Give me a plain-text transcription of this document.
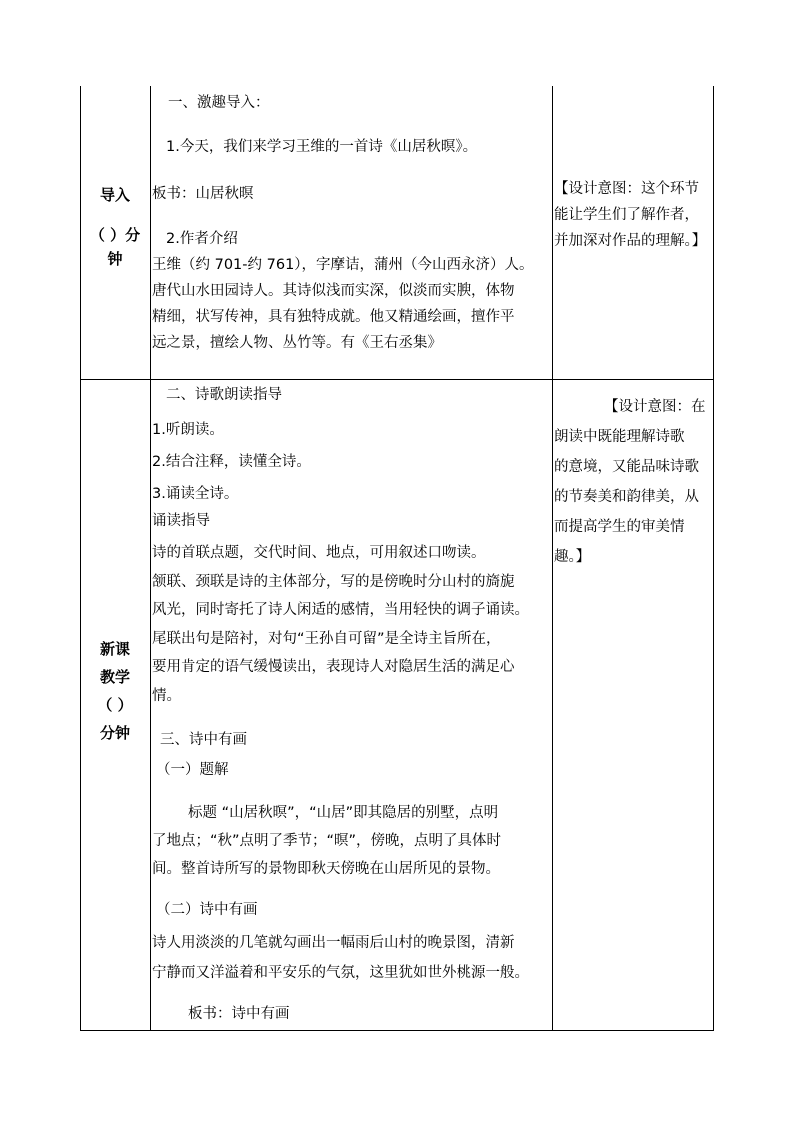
导入
（ ）分
钟
一、激趣导入：
1.今天，我们来学习王维的一首诗《山居秋暝》。
板书：山居秋暝
2.作者介绍
王维（约 701-约 761），字摩诘，蒲州（今山西永济）人。
唐代山水田园诗人。其诗似浅而实深，似淡而实腴，体物
精细，状写传神，具有独特成就。他又精通绘画，擅作平
远之景，擅绘人物、丛竹等。有《王右丞集》
【设计意图：这个环节
能让学生们了解作者，
并加深对作品的理解。】
新课
教学
（ ）
分钟
二、诗歌朗读指导
1.听朗读。
2.结合注释，读懂全诗。
3.诵读全诗。
诵读指导
诗的首联点题，交代时间、地点，可用叙述口吻读。
颔联、颈联是诗的主体部分，写的是傍晚时分山村的旖旎
风光，同时寄托了诗人闲适的感情，当用轻快的调子诵读。
尾联出句是陪衬，对句“王孙自可留”是全诗主旨所在，
要用肯定的语气缓慢读出，表现诗人对隐居生活的满足心
情。
三、诗中有画
（一）题解
标题 “山居秋暝”，“山居”即其隐居的别墅，点明
了地点；“秋”点明了季节；“暝”，傍晚，点明了具体时
间。整首诗所写的景物即秋天傍晚在山居所见的景物。
（二）诗中有画
诗人用淡淡的几笔就勾画出一幅雨后山村的晚景图，清新
宁静而又洋溢着和平安乐的气氛，这里犹如世外桃源一般。
板书：诗中有画
【设计意图：在
朗读中既能理解诗歌
的意境，又能品味诗歌
的节奏美和韵律美，从
而提高学生的审美情
趣。】
